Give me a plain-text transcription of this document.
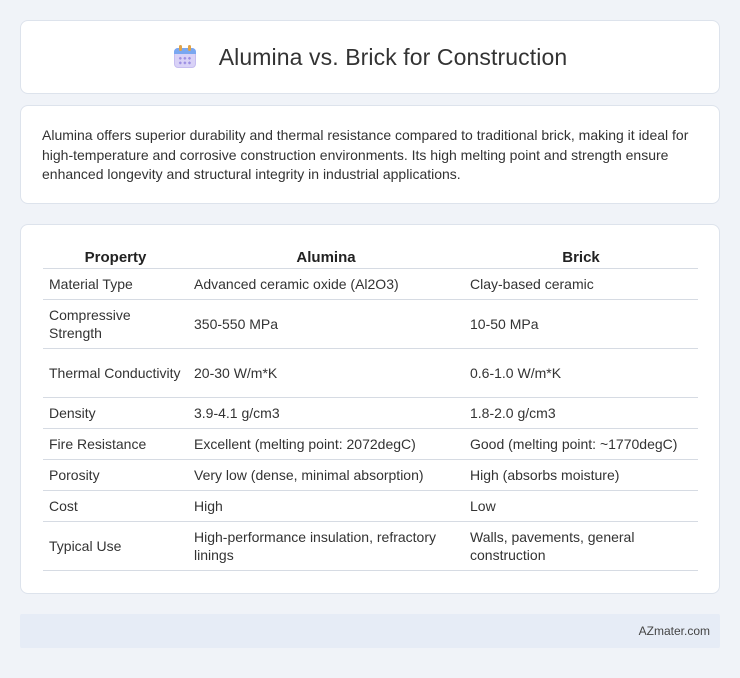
Alumina vs. Brick for Construction

Alumina offers superior durability and thermal resistance compared to traditional brick, making it ideal for high-temperature and corrosive construction environments. Its high melting point and strength ensure enhanced longevity and structural integrity in industrial applications.

Property	Alumina	Brick
Material Type	Advanced ceramic oxide (Al2O3)	Clay-based ceramic
Compressive Strength	350-550 MPa	10-50 MPa
Thermal Conductivity	20-30 W/m*K	0.6-1.0 W/m*K
Density	3.9-4.1 g/cm3	1.8-2.0 g/cm3
Fire Resistance	Excellent (melting point: 2072degC)	Good (melting point: ~1770degC)
Porosity	Very low (dense, minimal absorption)	High (absorbs moisture)
Cost	High	Low
Typical Use	High-performance insulation, refractory linings	Walls, pavements, general construction
AZmater.com
